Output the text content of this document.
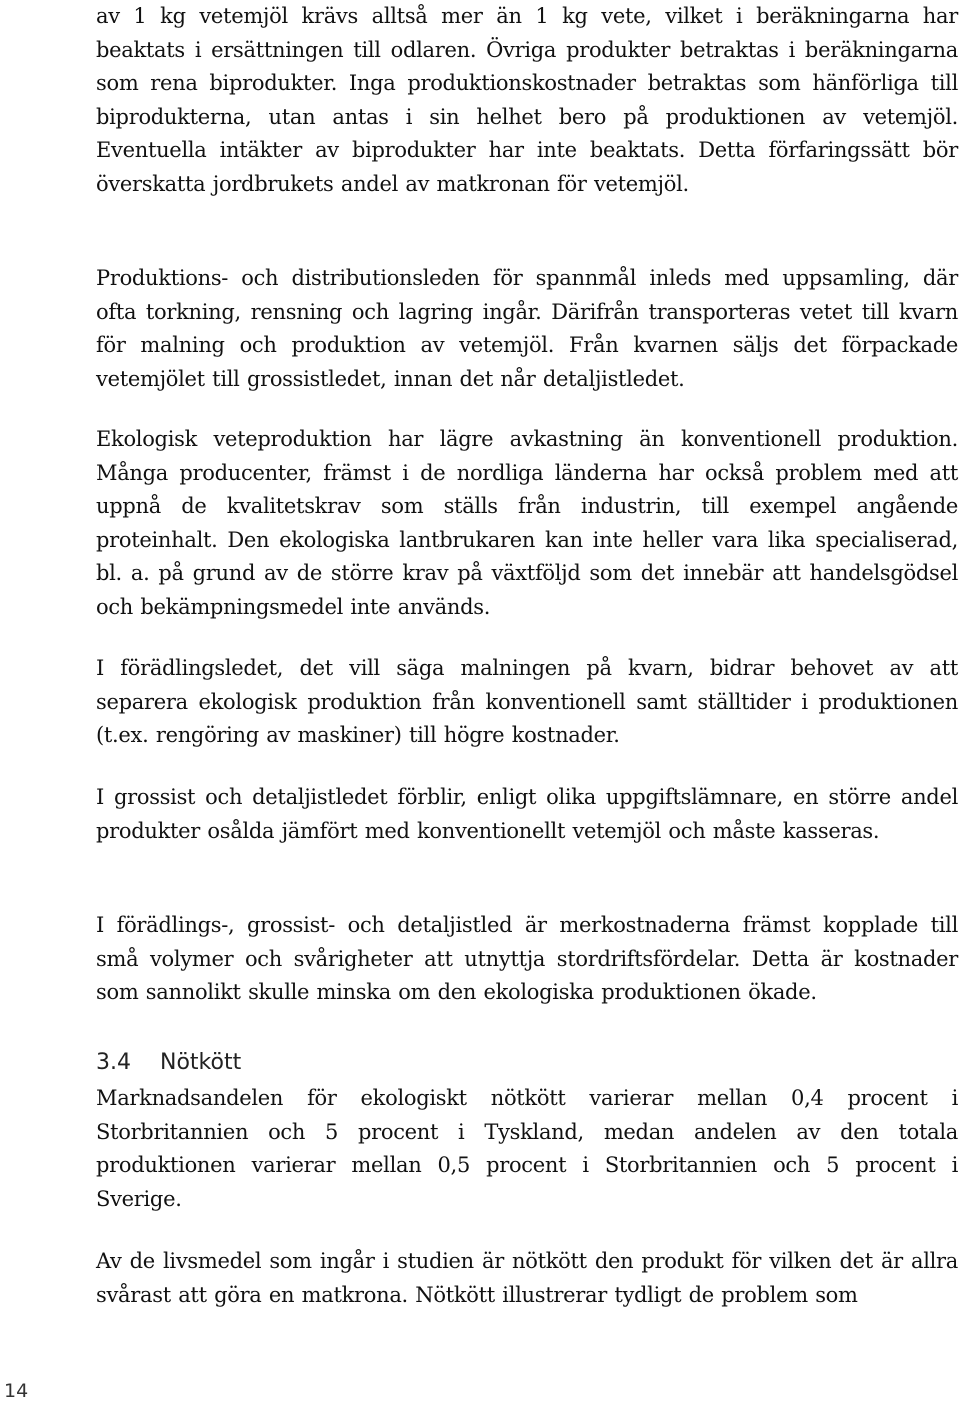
av 1 kg vetemjöl krävs alltså mer än 1 kg vete, vilket i beräkningarna har beaktats i ersättningen till odlaren. Övriga produkter betraktas i beräkningarna som rena biprodukter. Inga produktionskostnader betraktas som hänförliga till biprodukterna, utan antas i sin helhet bero på produktionen av vetemjöl. Eventuella intäkter av biprodukter har inte beaktats. Detta förfaringssätt bör överskatta jordbrukets andel av matkronan för vetemjöl.

Produktions- och distributionsleden för spannmål inleds med uppsamling, där ofta torkning, rensning och lagring ingår. Därifrån transporteras vetet till kvarn för malning och produktion av vetemjöl. Från kvarnen säljs det förpackade vetemjölet till grossistledet, innan det når detaljistledet.

Ekologisk veteproduktion har lägre avkastning än konventionell produktion. Många producenter, främst i de nordliga länderna har också problem med att uppnå de kvalitetskrav som ställs från industrin, till exempel angående proteinhalt. Den ekologiska lantbrukaren kan inte heller vara lika specialiserad, bl. a. på grund av de större krav på växtföljd som det innebär att handelsgödsel och bekämpningsmedel inte används.

I förädlingsledet, det vill säga malningen på kvarn, bidrar behovet av att separera ekologisk produktion från konventionell samt ställtider i produktionen (t.ex. rengöring av maskiner) till högre kostnader.

I grossist och detaljistledet förblir, enligt olika uppgiftslämnare, en större andel produkter osålda jämfört med konventionellt vetemjöl och måste kasseras.

I förädlings-, grossist- och detaljistled är merkostnaderna främst kopplade till små volymer och svårigheter att utnyttja stordriftsfördelar. Detta är kostnader som sannolikt skulle minska om den ekologiska produktionen ökade.

3.4 Nötkött

Marknadsandelen för ekologiskt nötkött varierar mellan 0,4 procent i Storbritannien och 5 procent i Tyskland, medan andelen av den totala produktionen varierar mellan 0,5 procent i Storbritannien och 5 procent i Sverige.

Av de livsmedel som ingår i studien är nötkött den produkt för vilken det är allra svårast att göra en matkrona. Nötkött illustrerar tydligt de problem som

14
